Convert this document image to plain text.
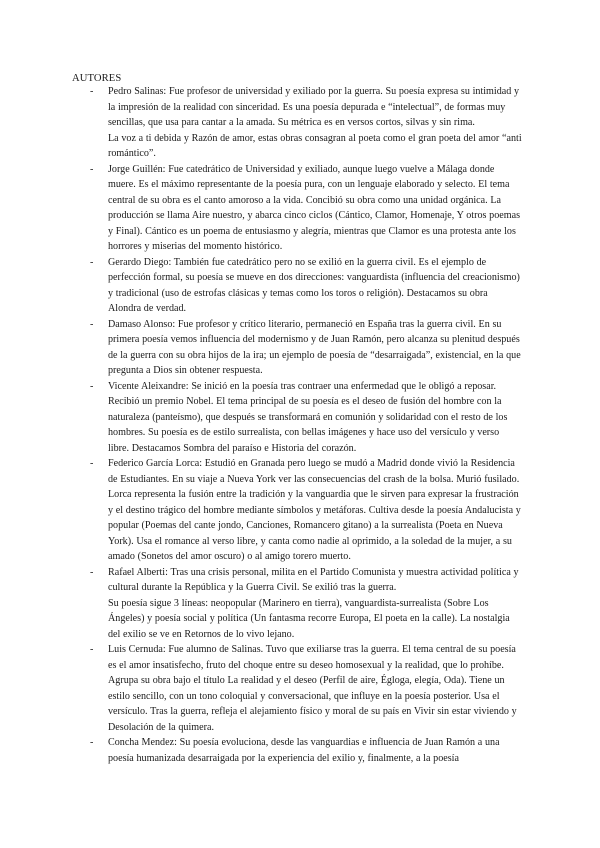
AUTORES
-	Pedro Salinas: Fue profesor de universidad y exiliado por la guerra. Su poesía expresa su intimidad y la impresión de la realidad con sinceridad. Es una poesía depurada e “intelectual”, de formas muy sencillas, que usa para cantar a la amada. Su métrica es en versos cortos, silvas y sin rima.

La voz a ti debida y Razón de amor, estas obras consagran al poeta como el gran poeta del amor “anti romántico”.

-	Jorge Guillén: Fue catedrático de Universidad y exiliado, aunque luego vuelve a Málaga donde muere. Es el máximo representante de la poesía pura, con un lenguaje elaborado y selecto. El tema central de su obra es el canto amoroso a la vida. Concibió su obra como una unidad orgánica. La producción se llama Aire nuestro, y abarca cinco ciclos (Cántico, Clamor, Homenaje, Y otros poemas y Final). Cántico es un poema de entusiasmo y alegría, mientras que Clamor es una protesta ante los horrores y miserias del momento histórico.

-	Gerardo Diego: También fue catedrático pero no se exilió en la guerra civil. Es el ejemplo de perfección formal, su poesía se mueve en dos direcciones: vanguardista (influencia del creacionismo) y tradicional (uso de estrofas clásicas y temas como los toros o religión). Destacamos su obra Alondra de verdad.

-	Damaso Alonso: Fue profesor y crítico literario, permaneció en España tras la guerra civil. En su primera poesía vemos influencia del modernismo y de Juan Ramón, pero alcanza su plenitud después de la guerra con su obra hijos de la ira; un ejemplo de poesía de “desarraigada”, existencial, en la que pregunta a Dios sin obtener respuesta.

-	Vicente Aleixandre: Se inició en la poesía tras contraer una enfermedad que le obligó a reposar. Recibió un premio Nobel. El tema principal de su poesía es el deseo de fusión del hombre con la naturaleza (panteísmo), que después se transformará en comunión y solidaridad con el resto de los hombres. Su poesía es de estilo surrealista, con bellas imágenes y hace uso del versículo y verso libre. Destacamos Sombra del paraíso e Historia del corazón.

-	Federico García Lorca: Estudió en Granada pero luego se mudó a Madrid donde vivió la Residencia de Estudiantes. En su viaje a Nueva York ver las consecuencias del crash de la bolsa. Murió fusilado. Lorca representa la fusión entre la tradición y la vanguardia que le sirven para expresar la frustración y el destino trágico del hombre mediante símbolos y metáforas. Cultiva desde la poesía Andalucista y popular (Poemas del cante jondo, Canciones, Romancero gitano) a la surrealista (Poeta en Nueva York). Usa el romance al verso libre, y canta como nadie al oprimido, a la soledad de la mujer, a su amado (Sonetos del amor oscuro) o al amigo torero muerto.

-	Rafael Alberti: Tras una crisis personal, milita en el Partido Comunista y muestra actividad política y cultural durante la República y la Guerra Civil. Se exilió tras la guerra.

Su poesía sigue 3 líneas: neopopular (Marinero en tierra), vanguardista-surrealista (Sobre Los Ángeles) y poesía social y política (Un fantasma recorre Europa, El poeta en la calle). La nostalgia del exilio se ve en Retornos de lo vivo lejano.

-	Luis Cernuda: Fue alumno de Salinas. Tuvo que exiliarse tras la guerra. El tema central de su poesía es el amor insatisfecho, fruto del choque entre su deseo homosexual y la realidad, que lo prohíbe. Agrupa su obra bajo el título La realidad y el deseo (Perfil de aire, Égloga, elegía, Oda). Tiene un estilo sencillo, con un tono coloquial y conversacional, que influye en la poesía posterior. Usa el versículo. Tras la guerra, refleja el alejamiento físico y moral de su país en Vivir sin estar viviendo y Desolación de la quimera.

-	Concha Mendez: Su poesía evoluciona, desde las vanguardias e influencia de Juan Ramón a una poesía humanizada desarraigada por la experiencia del exilio y, finalmente, a la poesía
